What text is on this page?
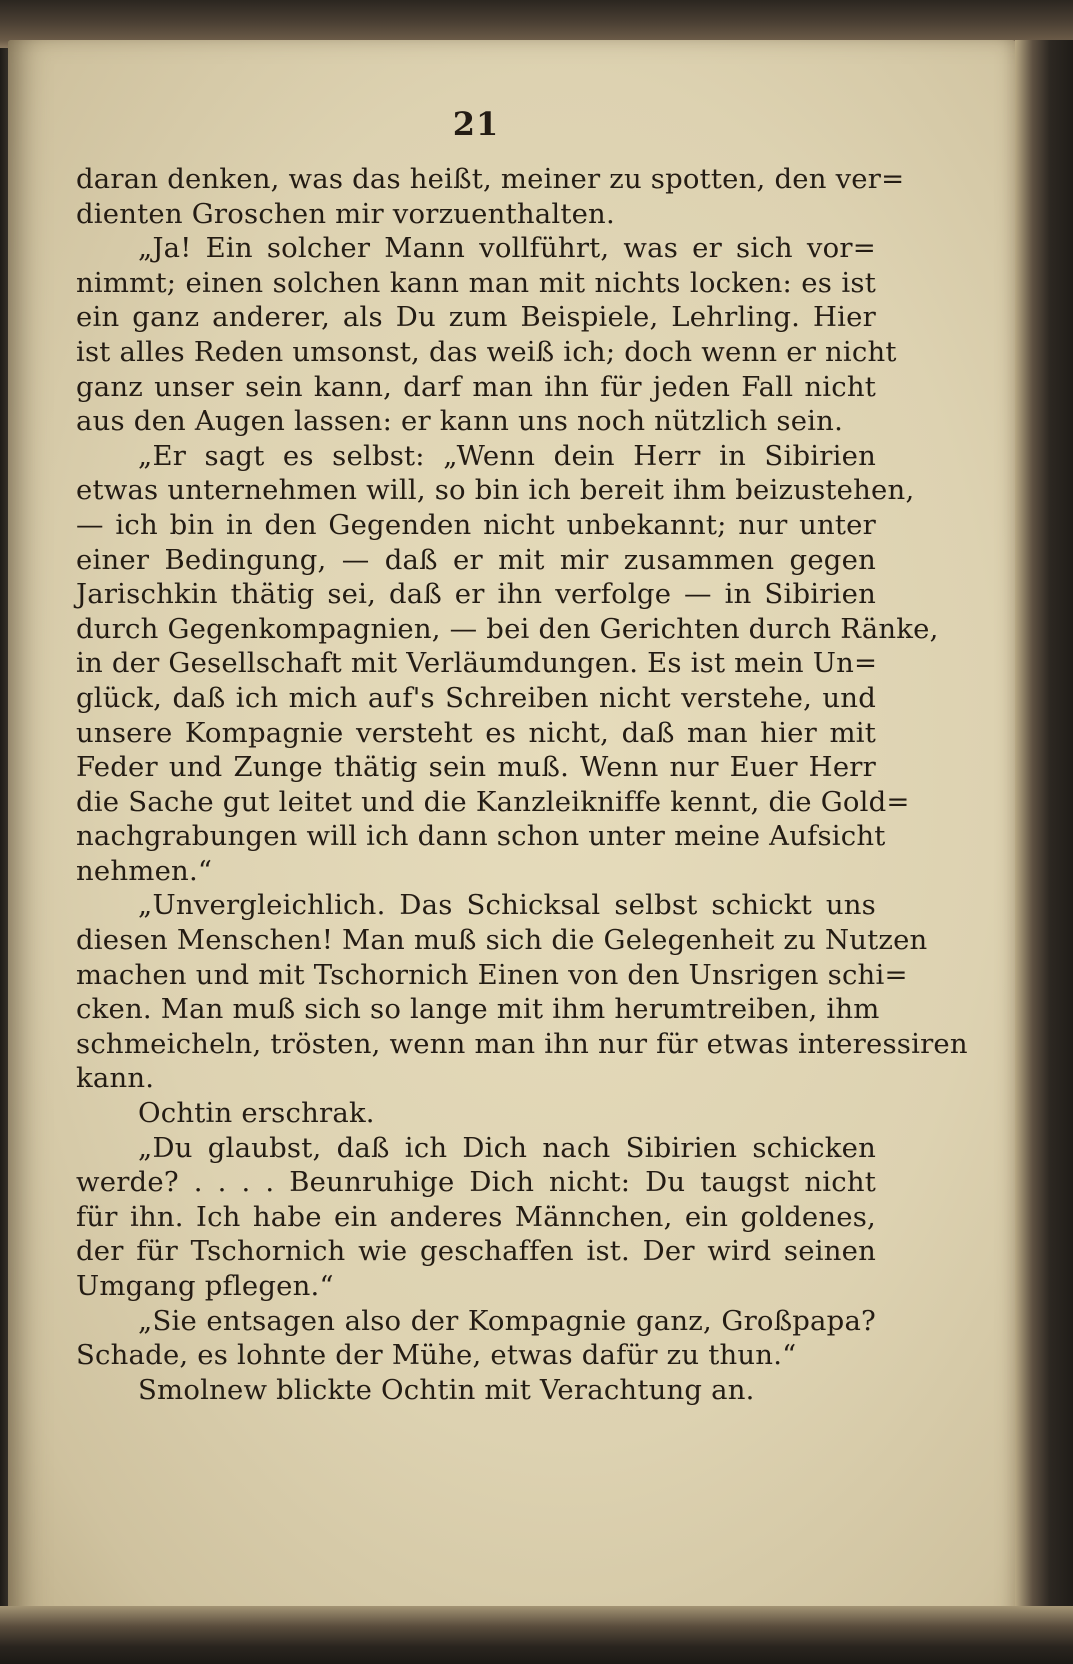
21
daran denken, was das heißt, meiner zu spotten, den ver=
dienten Groschen mir vorzuenthalten.
„Ja! Ein solcher Mann vollführt, was er sich vor=
nimmt; einen solchen kann man mit nichts locken: es ist
ein ganz anderer, als Du zum Beispiele, Lehrling. Hier
ist alles Reden umsonst, das weiß ich; doch wenn er nicht
ganz unser sein kann, darf man ihn für jeden Fall nicht
aus den Augen lassen: er kann uns noch nützlich sein.
„Er sagt es selbst: „Wenn dein Herr in Sibirien
etwas unternehmen will, so bin ich bereit ihm beizustehen,
— ich bin in den Gegenden nicht unbekannt; nur unter
einer Bedingung, — daß er mit mir zusammen gegen
Jarischkin thätig sei, daß er ihn verfolge — in Sibirien
durch Gegenkompagnien, — bei den Gerichten durch Ränke,
in der Gesellschaft mit Verläumdungen. Es ist mein Un=
glück, daß ich mich auf's Schreiben nicht verstehe, und
unsere Kompagnie versteht es nicht, daß man hier mit
Feder und Zunge thätig sein muß. Wenn nur Euer Herr
die Sache gut leitet und die Kanzleikniffe kennt, die Gold=
nachgrabungen will ich dann schon unter meine Aufsicht
nehmen.“
„Unvergleichlich. Das Schicksal selbst schickt uns
diesen Menschen! Man muß sich die Gelegenheit zu Nutzen
machen und mit Tschornich Einen von den Unsrigen schi=
cken. Man muß sich so lange mit ihm herumtreiben, ihm
schmeicheln, trösten, wenn man ihn nur für etwas interessiren
kann.
Ochtin erschrak.
„Du glaubst, daß ich Dich nach Sibirien schicken
werde? . . . . Beunruhige Dich nicht: Du taugst nicht
für ihn. Ich habe ein anderes Männchen, ein goldenes,
der für Tschornich wie geschaffen ist. Der wird seinen
Umgang pflegen.“
„Sie entsagen also der Kompagnie ganz, Großpapa?
Schade, es lohnte der Mühe, etwas dafür zu thun.“
Smolnew blickte Ochtin mit Verachtung an.
